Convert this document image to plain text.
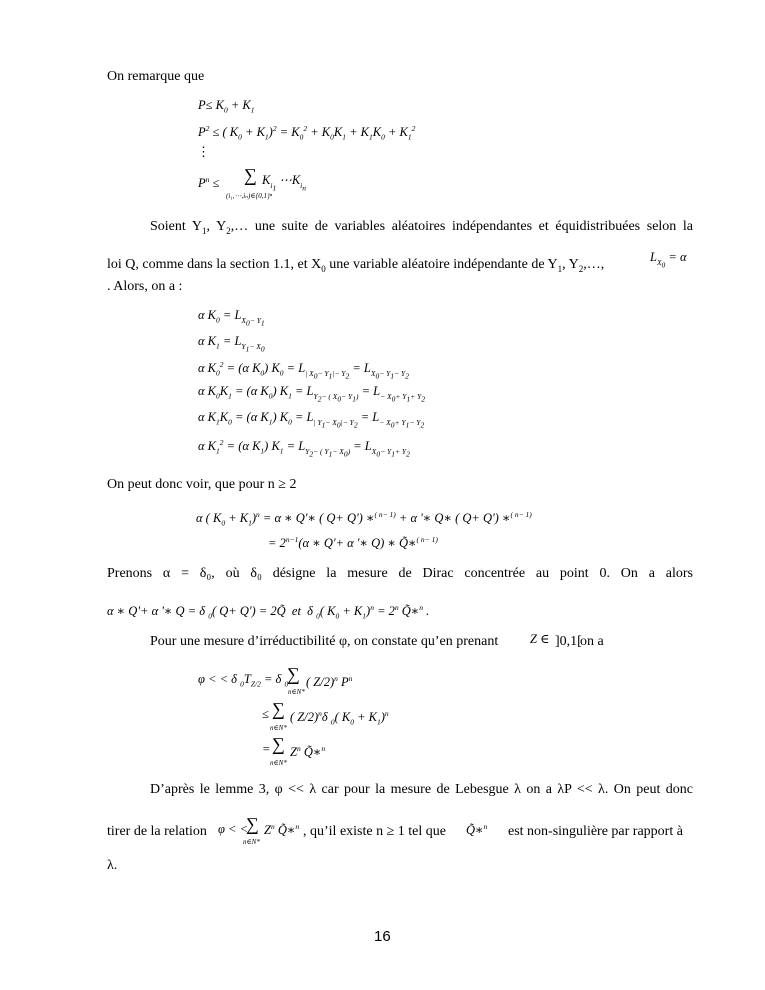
On remarque que
$P\le K_0 + K_1$
$P^2$ ≤ ( $K_0 + K_1)^2 = K_0^2 + K_0K_1 + K_1K_0 + K_1^2$
⋮
$P^n$ ≤ ∑ $K_{i_1}$ $\cdots K_{i_n}$
(i₁,⋯,iₙ)∈{0,1}ⁿ
Soient $Y_1$, $Y_2,\dots$ une suite de variables aléatoires indépendantes et équidistribuées selon la
loi Q, comme dans la section 1.1, et $X_0$ une variable aléatoire indépendante de $Y_1$, $Y_2,\dots$,	$L_{X_0} = \alpha$
. Alors, on a :
α $K_0 = L_{X_0- Y_1}$
α $K_1 = L_{Y_1- X_0}$
α $K_0^2 = (\alpha$ $K_0$) $K_0 = L_{| X_0- Y_1|- Y_2} = L_{X_0- Y_1- Y_2}$
α $K_0K_1 = (\alpha$ $K_0$) $K_1 = L_{Y_2- ( X_0- Y_1)} = L_{- X_0+ Y_1+ Y_2}$
α $K_1K_0 = (\alpha$ $K_1$) $K_0 = L_{| Y_1- X_0|- Y_2} = L_{- X_0+ Y_1- Y_2}$
α $K_1^2 = (\alpha$ $K_1$) $K_1 = L_{Y_2- ( Y_1- X_0)} = L_{X_0- Y_1+ Y_2}$
On peut donc voir, que pour n ≥ 2
α ( $K_0 + K_1)^n = \alpha$ ∗ Q'∗ ( Q+ Q') ∗$^{( n- 1)}$ + α '∗ Q∗ ( Q+ Q') ∗$^{( n- 1)}$
= $2^{n-1}(\alpha$ ∗ Q'+ α '∗ Q) ∗ Q̃∗$^{( n- 1)}$
Prenons α = δ₀, où δ₀ désigne la mesure de Dirac concentrée au point 0. On a alors
α ∗ Q'+ α '∗ Q = δ $_0$( Q+ Q') = 2Q̃  et  δ $_0$( $K_0 + K_1)^n = 2^n$ Q̃∗$^n$ .
Pour une mesure d’irréductibilité φ, on constate qu’en prenant	Z ∈ ]0,1[
on a
φ < < δ $_0T_{Z/2} = \delta$ $_0$
∑ ( Z/2)$^n$ $P^n$
n∈N*
≤ ∑ ( Z/2)$^n$δ $_0$( $K_0 + K_1)^n$
n∈N*
= ∑ $Z^n$ Q̃∗$^n$
n∈N*
D’après le lemme 3, φ << λ car pour la mesure de Lebesgue λ on a λP << λ. On peut donc
tirer de la relation φ < <
∑ $Z^n$ Q̃∗$^n$
n∈N*
, qu’il existe n ≥ 1 tel que Q̃∗$^n$ est non-singulière par rapport à
λ.
16
